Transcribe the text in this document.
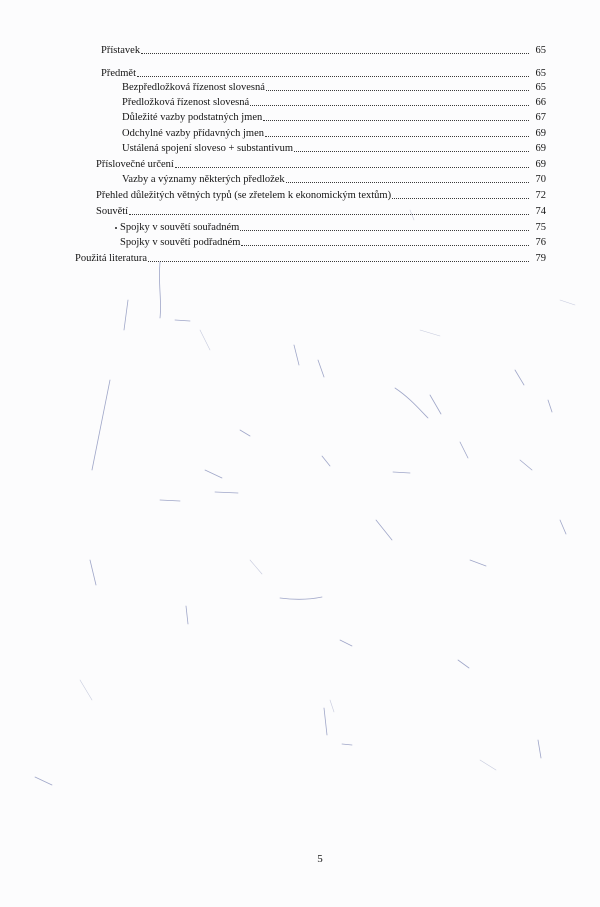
Přístavek	65
Předmět	65
Bezpředložková řízenost slovesná	65
Předložková řízenost slovesná	66
Důležité vazby podstatných jmen	67
Odchylné vazby přídavných jmen	69
Ustálená spojení sloveso + substantivum	69
Příslovečné určení	69
Vazby a významy některých předložek	70
Přehled důležitých větných typů (se zřetelem k ekonomickým textům)	72
Souvětí	74
Spojky v souvětí souřadném	75
Spojky v souvětí podřadném	76
Použitá literatura	79
5
